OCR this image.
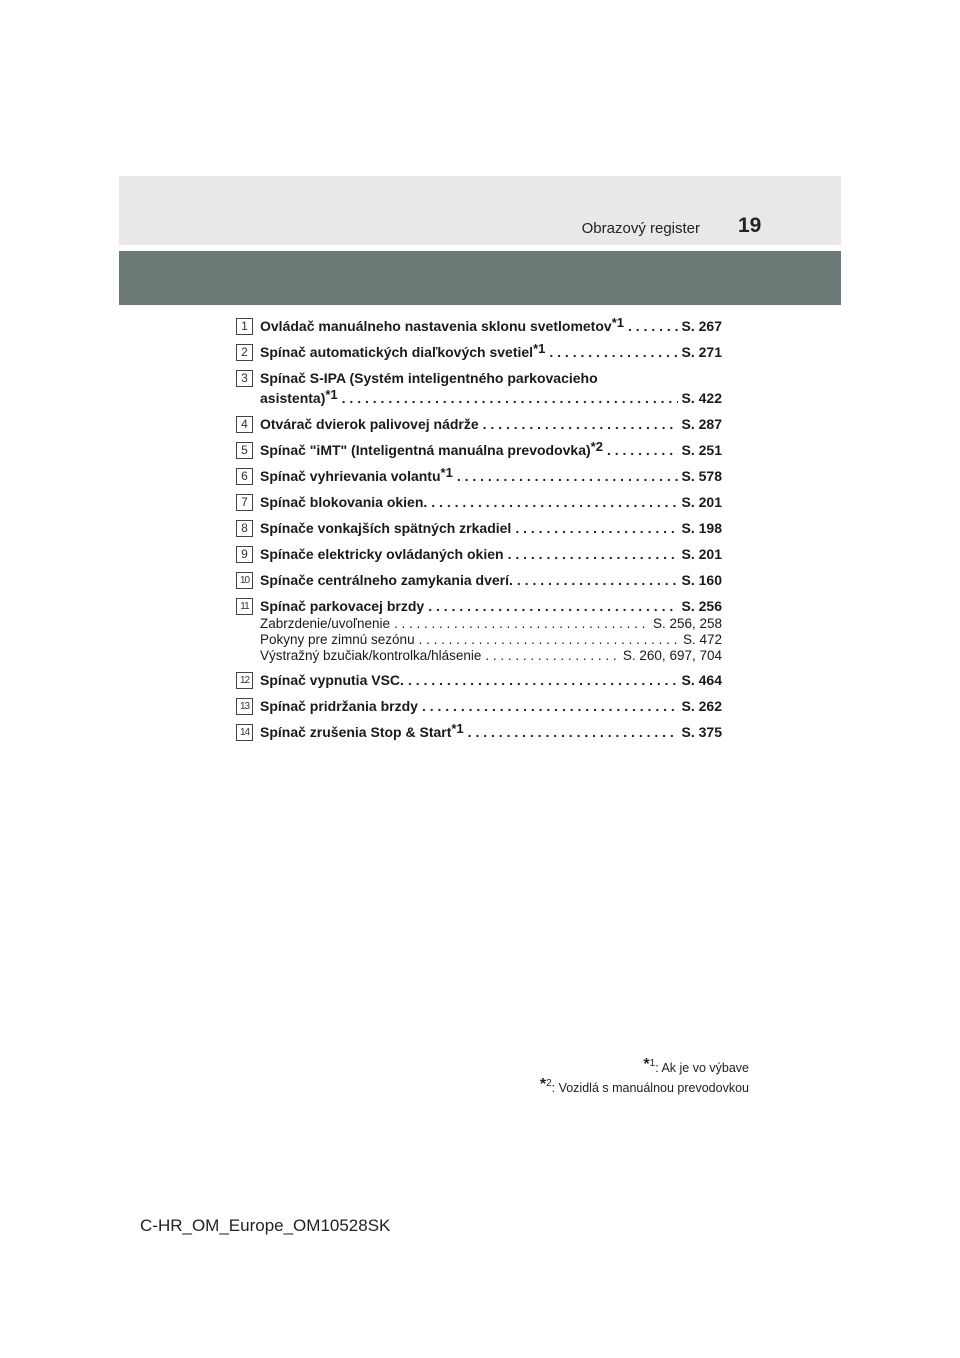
Obrazový register 19
1 Ovládač manuálneho nastavenia sklonu svetlometov$^{*1}$ . . .	S. 267
2 Spínač automatických diaľkových svetiel$^{*1}$ . . .	S. 271
3 Spínač S-IPA (Systém inteligentného parkovacieho
asistenta)$^{*1}$ . . .	S. 422
4 Otvárač dvierok palivovej nádrže . . .	S. 287
5 Spínač "iMT" (Inteligentná manuálna prevodovka)$^{*2}$ . . .	S. 251
6 Spínač vyhrievania volantu$^{*1}$ . . .	S. 578
7 Spínač blokovania okien. . . .	S. 201
8 Spínače vonkajších spätných zrkadiel . . .	S. 198
9 Spínače elektricky ovládaných okien . . .	S. 201
10 Spínače centrálneho zamykania dverí. . . .	S. 160
11 Spínač parkovacej brzdy . . .	S. 256
Zabrzdenie/uvoľnenie . . .	S. 256, 258
Pokyny pre zimnú sezónu . . .	S. 472
Výstražný bzučiak/kontrolka/hlásenie . . .	S. 260, 697, 704
12 Spínač vypnutia VSC. . . .	S. 464
13 Spínač pridržania brzdy . . .	S. 262
14 Spínač zrušenia Stop & Start$^{*1}$ . . .	S. 375
*$^1$: Ak je vo výbave
*$^2$: Vozidlá s manuálnou prevodovkou
C-HR_OM_Europe_OM10528SK
